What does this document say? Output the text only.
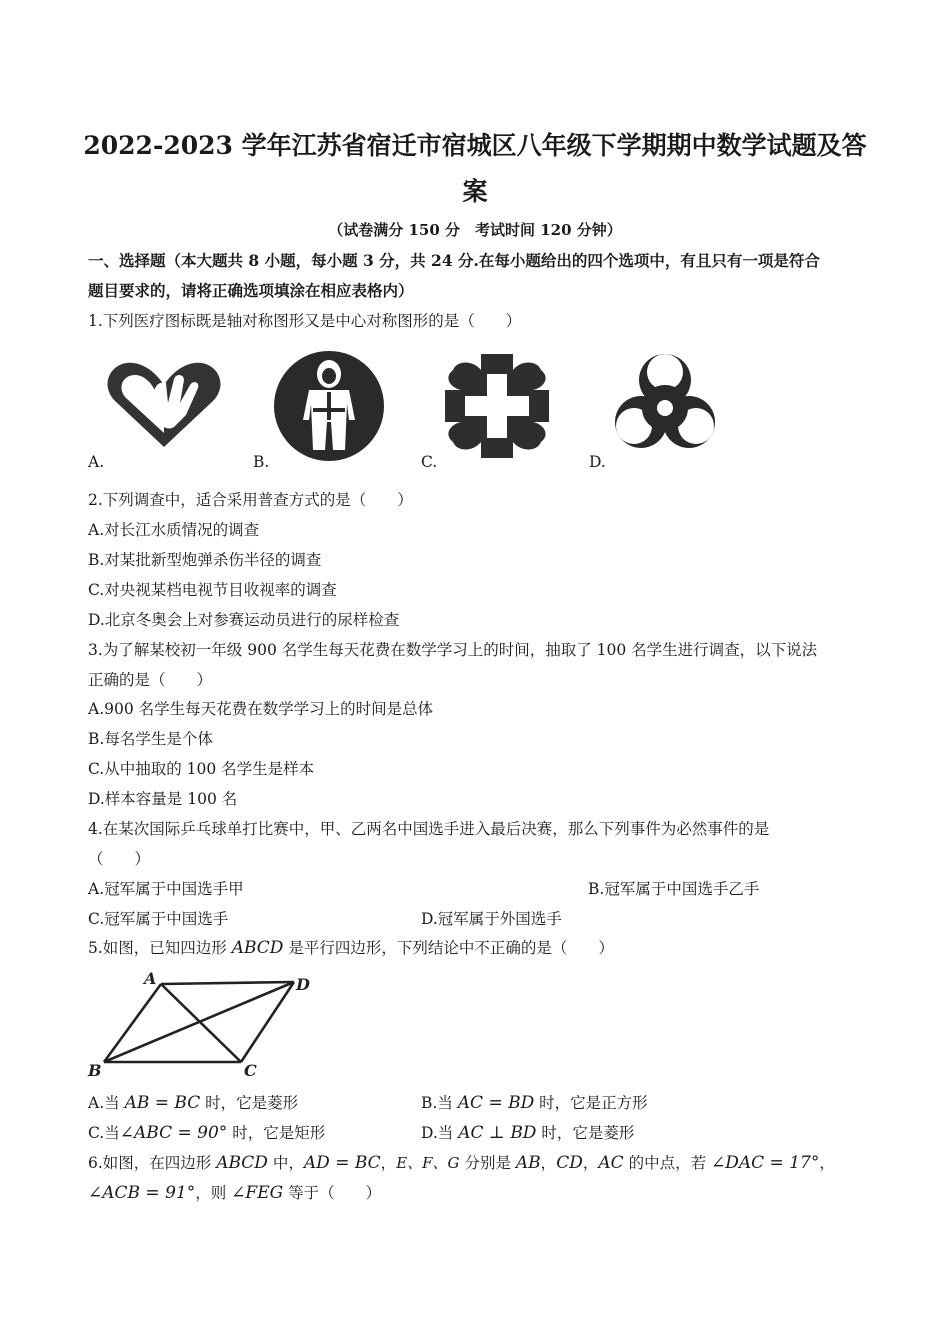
2022-2023 学年江苏省宿迁市宿城区八年级下学期期中数学试题及答
案
（试卷满分 150 分　考试时间 120 分钟）
一、选择题（本大题共 8 小题，每小题 3 分，共 24 分.在每小题给出的四个选项中，有且只有一项是符合
题目要求的，请将正确选项填涂在相应表格内）
1.下列医疗图标既是轴对称图形又是中心对称图形的是（　　）
A.	B.	C.	D.
2.下列调查中，适合采用普查方式的是（　　）
A.对长江水质情况的调查
B.对某批新型炮弹杀伤半径的调查
C.对央视某档电视节目收视率的调查
D.北京冬奥会上对参赛运动员进行的尿样检查
3.为了解某校初一年级 900 名学生每天花费在数学学习上的时间，抽取了 100 名学生进行调查，以下说法
正确的是（　　）
A.900 名学生每天花费在数学学习上的时间是总体
B.每名学生是个体
C.从中抽取的 100 名学生是样本
D.样本容量是 100 名
4.在某次国际乒乓球单打比赛中，甲、乙两名中国选手进入最后决赛，那么下列事件为必然事件的是
（　　）
A.冠军属于中国选手甲	B.冠军属于中国选手乙手
C.冠军属于中国选手	D.冠军属于外国选手
5.如图，已知四边形 ABCD 是平行四边形，下列结论中不正确的是（　　）
A	D
B	C
A.当 AB = BC 时，它是菱形	B.当 AC = BD 时，它是正方形
C.当∠ABC = 90° 时，它是矩形	D.当 AC ⊥ BD 时，它是菱形
6.如图，在四边形 ABCD 中，AD = BC，E、F、G 分别是 AB，CD，AC 的中点，若 ∠DAC = 17°，
∠ACB = 91°，则 ∠FEG 等于（　　）
